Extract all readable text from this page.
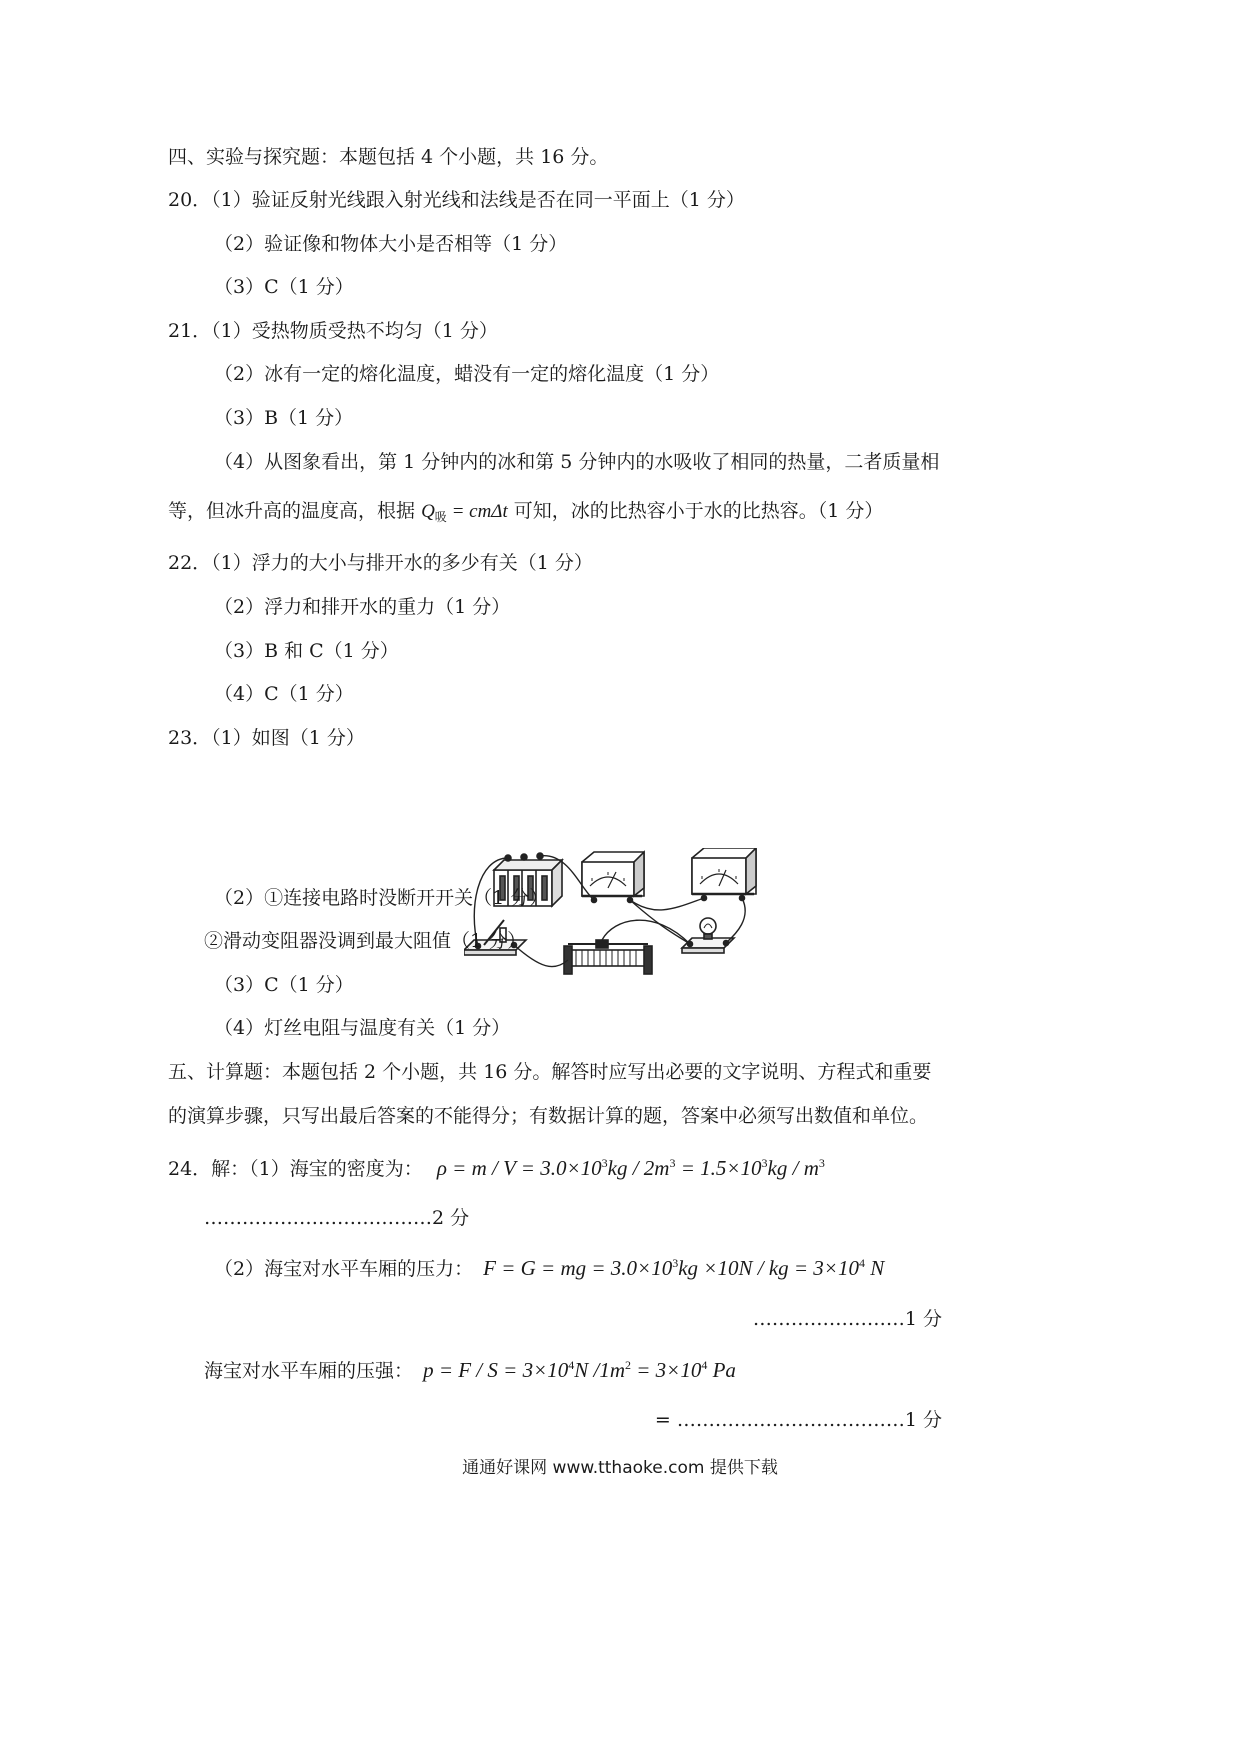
四、实验与探究题：本题包括 4 个小题，共 16 分。
20．（1）验证反射光线跟入射光线和法线是否在同一平面上（1 分）
（2）验证像和物体大小是否相等（1 分）
（3）C（1 分）
21．（1）受热物质受热不均匀（1 分）
（2）冰有一定的熔化温度，蜡没有一定的熔化温度（1 分）
（3）B（1 分）
（4）从图象看出，第 1 分钟内的冰和第 5 分钟内的水吸收了相同的热量，二者质量相
等，但冰升高的温度高，根据 $Q_吸 = cm\Delta t$ 可知，冰的比热容小于水的比热容。（1 分）
22．（1）浮力的大小与排开水的多少有关（1 分）
（2）浮力和排开水的重力（1 分）
（3）B 和 C（1 分）
（4）C（1 分）
23．（1）如图（1 分）
（2）①连接电路时没断开开关（1 分）
②滑动变阻器没调到最大阻值（1 分）
（3）C（1 分）
（4）灯丝电阻与温度有关（1 分）
五、计算题：本题包括 2 个小题，共 16 分。解答时应写出必要的文字说明、方程式和重要
的演算步骤，只写出最后答案的不能得分；有数据计算的题，答案中必须写出数值和单位。
24．解：（1）海宝的密度为： $\rho = m / V = 3.0\times 10^3kg / 2m^3 = 1.5\times 10^3kg / m^3$
………………………………2 分
（2）海宝对水平车厢的压力： F = G = mg = $3.0\times 10^3kg \times 10N$ / kg = $3\times 10^4$ N
……………………1 分
海宝对水平车厢的压强： $p = F / S = 3\times 10^4N$ $/1m^2 = 3\times 10^4$ Pa
= ………………………………1 分
通通好课网 www.tthaoke.com 提供下载
